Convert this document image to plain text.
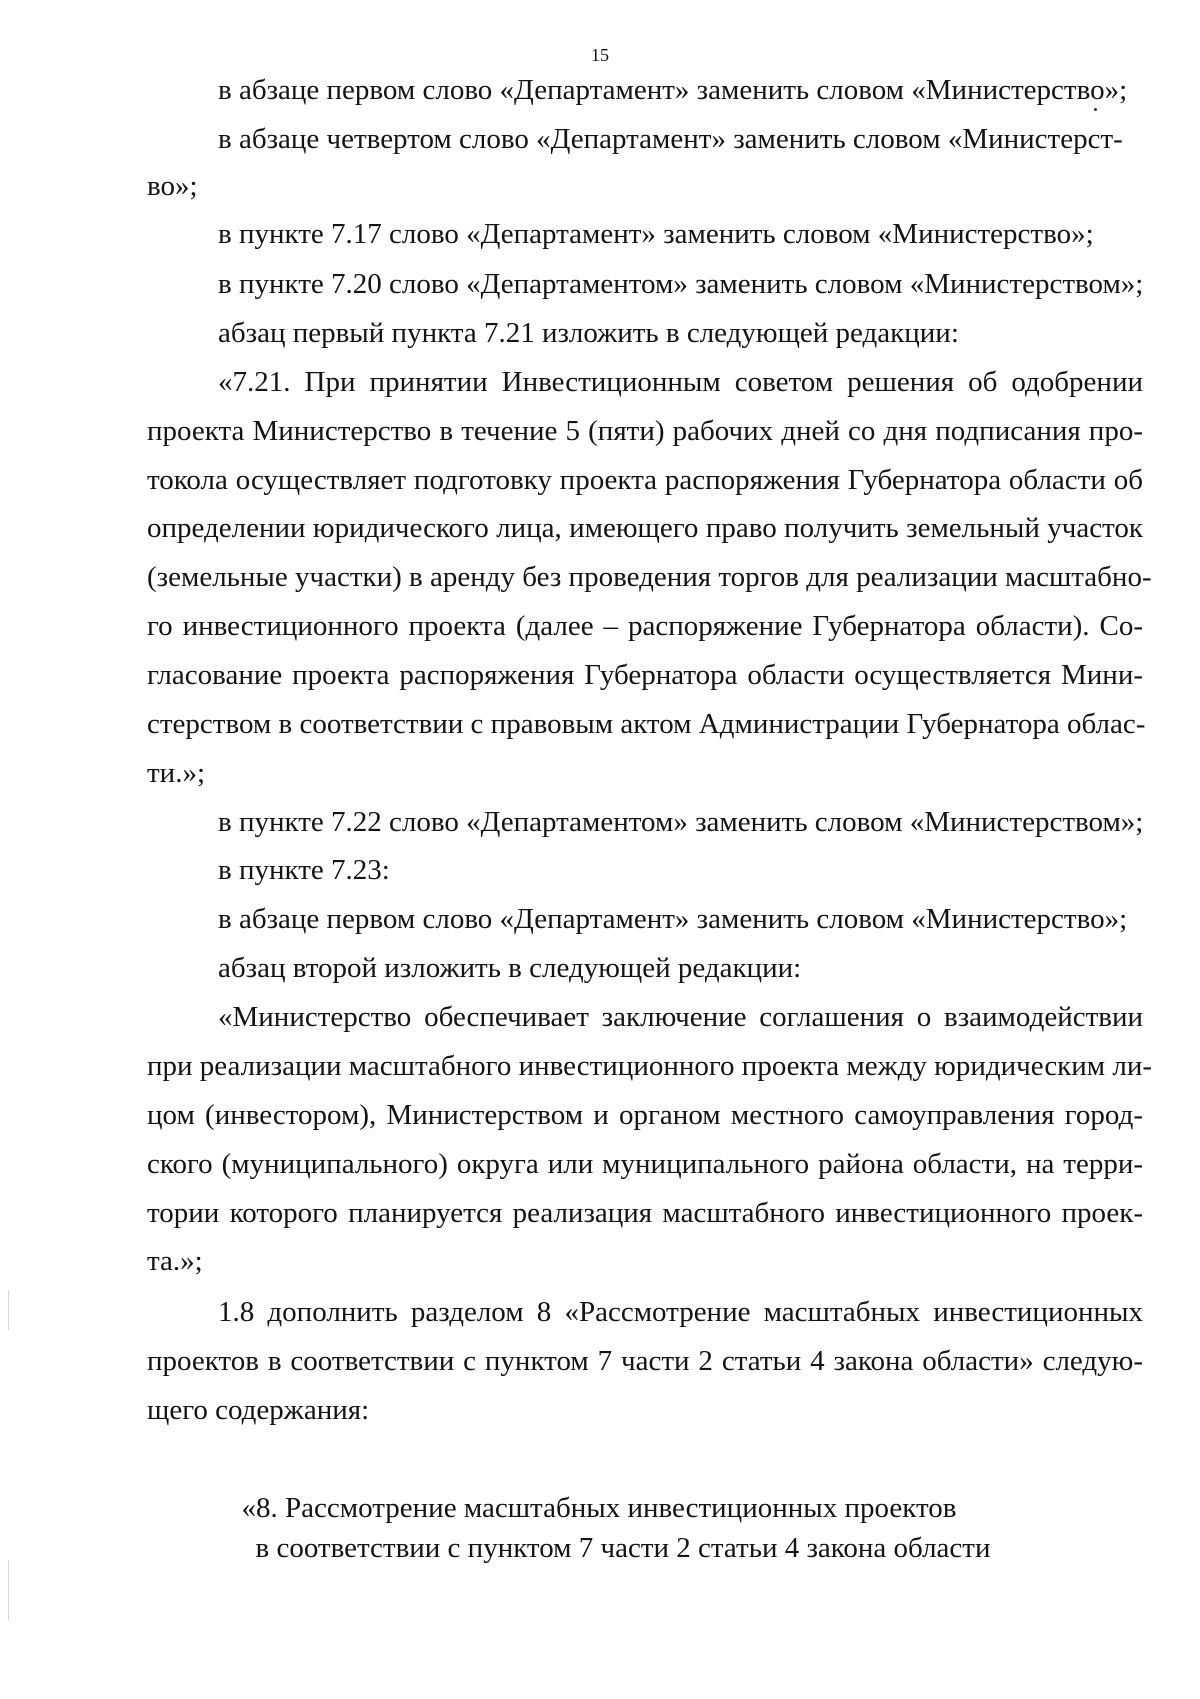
15
в абзаце первом слово «Департамент» заменить словом «Министерство»;
в абзаце четвертом слово «Департамент» заменить словом «Министерст-
во»;
в пункте 7.17 слово «Департамент» заменить словом «Министерство»;
в пункте 7.20 слово «Департаментом» заменить словом «Министерством»;
абзац первый пункта 7.21 изложить в следующей редакции:
«7.21. При принятии Инвестиционным советом решения об одобрении
проекта Министерство в течение 5 (пяти) рабочих дней со дня подписания про-
токола осуществляет подготовку проекта распоряжения Губернатора области об
определении юридического лица, имеющего право получить земельный участок
(земельные участки) в аренду без проведения торгов для реализации масштабно-
го инвестиционного проекта (далее – распоряжение Губернатора области). Со-
гласование проекта распоряжения Губернатора области осуществляется Мини-
стерством в соответствии с правовым актом Администрации Губернатора облас-
ти.»;
в пункте 7.22 слово «Департаментом» заменить словом «Министерством»;
в пункте 7.23:
в абзаце первом слово «Департамент» заменить словом «Министерство»;
абзац второй изложить в следующей редакции:
«Министерство обеспечивает заключение соглашения о взаимодействии
при реализации масштабного инвестиционного проекта между юридическим ли-
цом (инвестором), Министерством и органом местного самоуправления город-
ского (муниципального) округа или муниципального района области, на терри-
тории которого планируется реализация масштабного инвестиционного проек-
та.»;
1.8 дополнить разделом 8 «Рассмотрение масштабных инвестиционных
проектов в соответствии с пунктом 7 части 2 статьи 4 закона области» следую-
щего содержания:
«8. Рассмотрение масштабных инвестиционных проектов
в соответствии с пунктом 7 части 2 статьи 4 закона области
